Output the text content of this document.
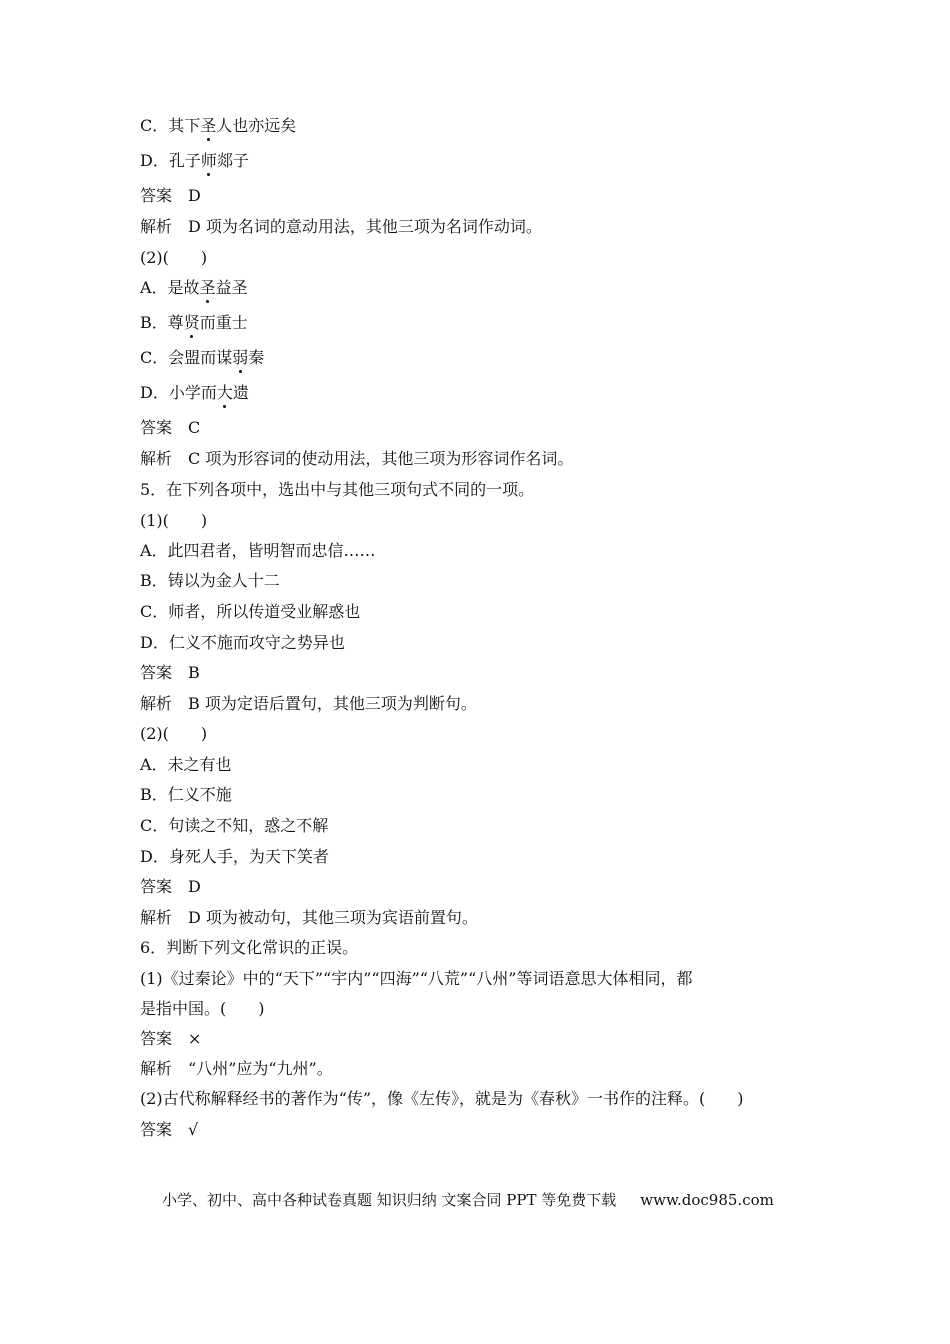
C．其下圣人也亦远矣
D．孔子师郯子
答案 D
解析 D 项为名词的意动用法，其他三项为名词作动词。
(2)(　　)
A．是故圣益圣
B．尊贤而重士
C．会盟而谋弱秦
D．小学而大遗
答案 C
解析 C 项为形容词的使动用法，其他三项为形容词作名词。
5．在下列各项中，选出中与其他三项句式不同的一项。
(1)(　　)
A．此四君者，皆明智而忠信……
B．铸以为金人十二
C．师者，所以传道受业解惑也
D．仁义不施而攻守之势异也
答案 B
解析 B 项为定语后置句，其他三项为判断句。
(2)(　　)
A．未之有也
B．仁义不施
C．句读之不知，惑之不解
D．身死人手，为天下笑者
答案 D
解析 D 项为被动句，其他三项为宾语前置句。
6．判断下列文化常识的正误。
(1)《过秦论》中的“天下”“宇内”“四海”“八荒”“八州”等词语意思大体相同，都
是指中国。(　　)
答案 ×
解析 “八州”应为“九州”。
(2)古代称解释经书的著作为“传”，像《左传》，就是为《春秋》一书作的注释。(　　)
答案 √
小学、初中、高中各种试卷真题 知识归纳 文案合同 PPT 等免费下载 www.doc985.com
